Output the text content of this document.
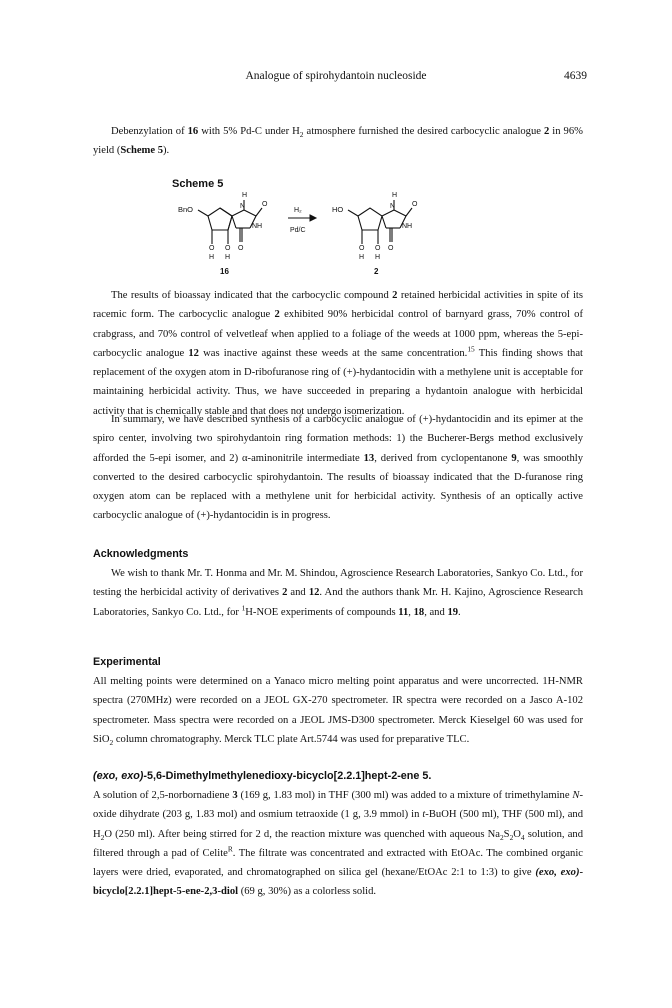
Analogue of spirohydantoin nucleoside	4639

Debenzylation of 16 with 5% Pd-C under $H_2$ atmosphere furnished the desired carbocyclic analogue 2 in 96% yield (Scheme 5).

Scheme 5
BnO
H
N O
NH
O O O
H H
H₂
Pd/C
HO
H
N O
NH
O O O
H H
16	2

The results of bioassay indicated that the carbocyclic compound 2 retained herbicidal activities in spite of its racemic form. The carbocyclic analogue 2 exhibited 90% herbicidal control of barnyard grass, 70% control of crabgrass, and 70% control of velvetleaf when applied to a foliage of the weeds at 1000 ppm, whereas the 5-epi-carbocyclic analogue 12 was inactive against these weeds at the same concentration.$^{15}$ This finding shows that replacement of the oxygen atom in D-ribofuranose ring of (+)-hydantocidin with a methylene unit is acceptable for maintaining herbicidal activity. Thus, we have succeeded in preparing a hydantoin analogue with herbicidal activity that is chemically stable and that does not undergo isomerization.

In summary, we have described synthesis of a carbocyclic analogue of (+)-hydantocidin and its epimer at the spiro center, involving two spirohydantoin ring formation methods: 1) the Bucherer-Bergs method exclusively afforded the 5-epi isomer, and 2) α-aminonitrile intermediate 13, derived from cyclopentanone 9, was smoothly converted to the desired carbocyclic spirohydantoin. The results of bioassay indicated that the D-furanose ring oxygen atom can be replaced with a methylene unit for herbicidal activity. Synthesis of an optically active carbocyclic analogue of (+)-hydantocidin is in progress.

Acknowledgments

We wish to thank Mr. T. Honma and Mr. M. Shindou, Agroscience Research Laboratories, Sankyo Co. Ltd., for testing the herbicidal activity of derivatives 2 and 12. And the authors thank Mr. H. Kajino, Agroscience Research Laboratories, Sankyo Co. Ltd., for $^1$H-NOE experiments of compounds 11, 18, and 19.

Experimental

All melting points were determined on a Yanaco micro melting point apparatus and were uncorrected. 1H-NMR spectra (270MHz) were recorded on a JEOL GX-270 spectrometer. IR spectra were recorded on a Jasco A-102 spectrometer. Mass spectra were recorded on a JEOL JMS-D300 spectrometer. Merck Kieselgel 60 was used for SiO$_2$ column chromatography. Merck TLC plate Art.5744 was used for preparative TLC.

(exo, exo)-5,6-Dimethylmethylenedioxy-bicyclo[2.2.1]hept-2-ene 5.

A solution of 2,5-norbornadiene 3 (169 g, 1.83 mol) in THF (300 ml) was added to a mixture of trimethylamine N-oxide dihydrate (203 g, 1.83 mol) and osmium tetraoxide (1 g, 3.9 mmol) in t-BuOH (500 ml), THF (500 ml), and $H_2O$ (250 ml). After being stirred for 2 d, the reaction mixture was quenched with aqueous $Na_2S_2O_4$ solution, and filtered through a pad of Celite$^R$. The filtrate was concentrated and extracted with EtOAc. The combined organic layers were dried, evaporated, and chromatographed on silica gel (hexane/EtOAc 2:1 to 1:3) to give (exo, exo)-bicyclo[2.2.1]hept-5-ene-2,3-diol (69 g, 30%) as a colorless solid.
